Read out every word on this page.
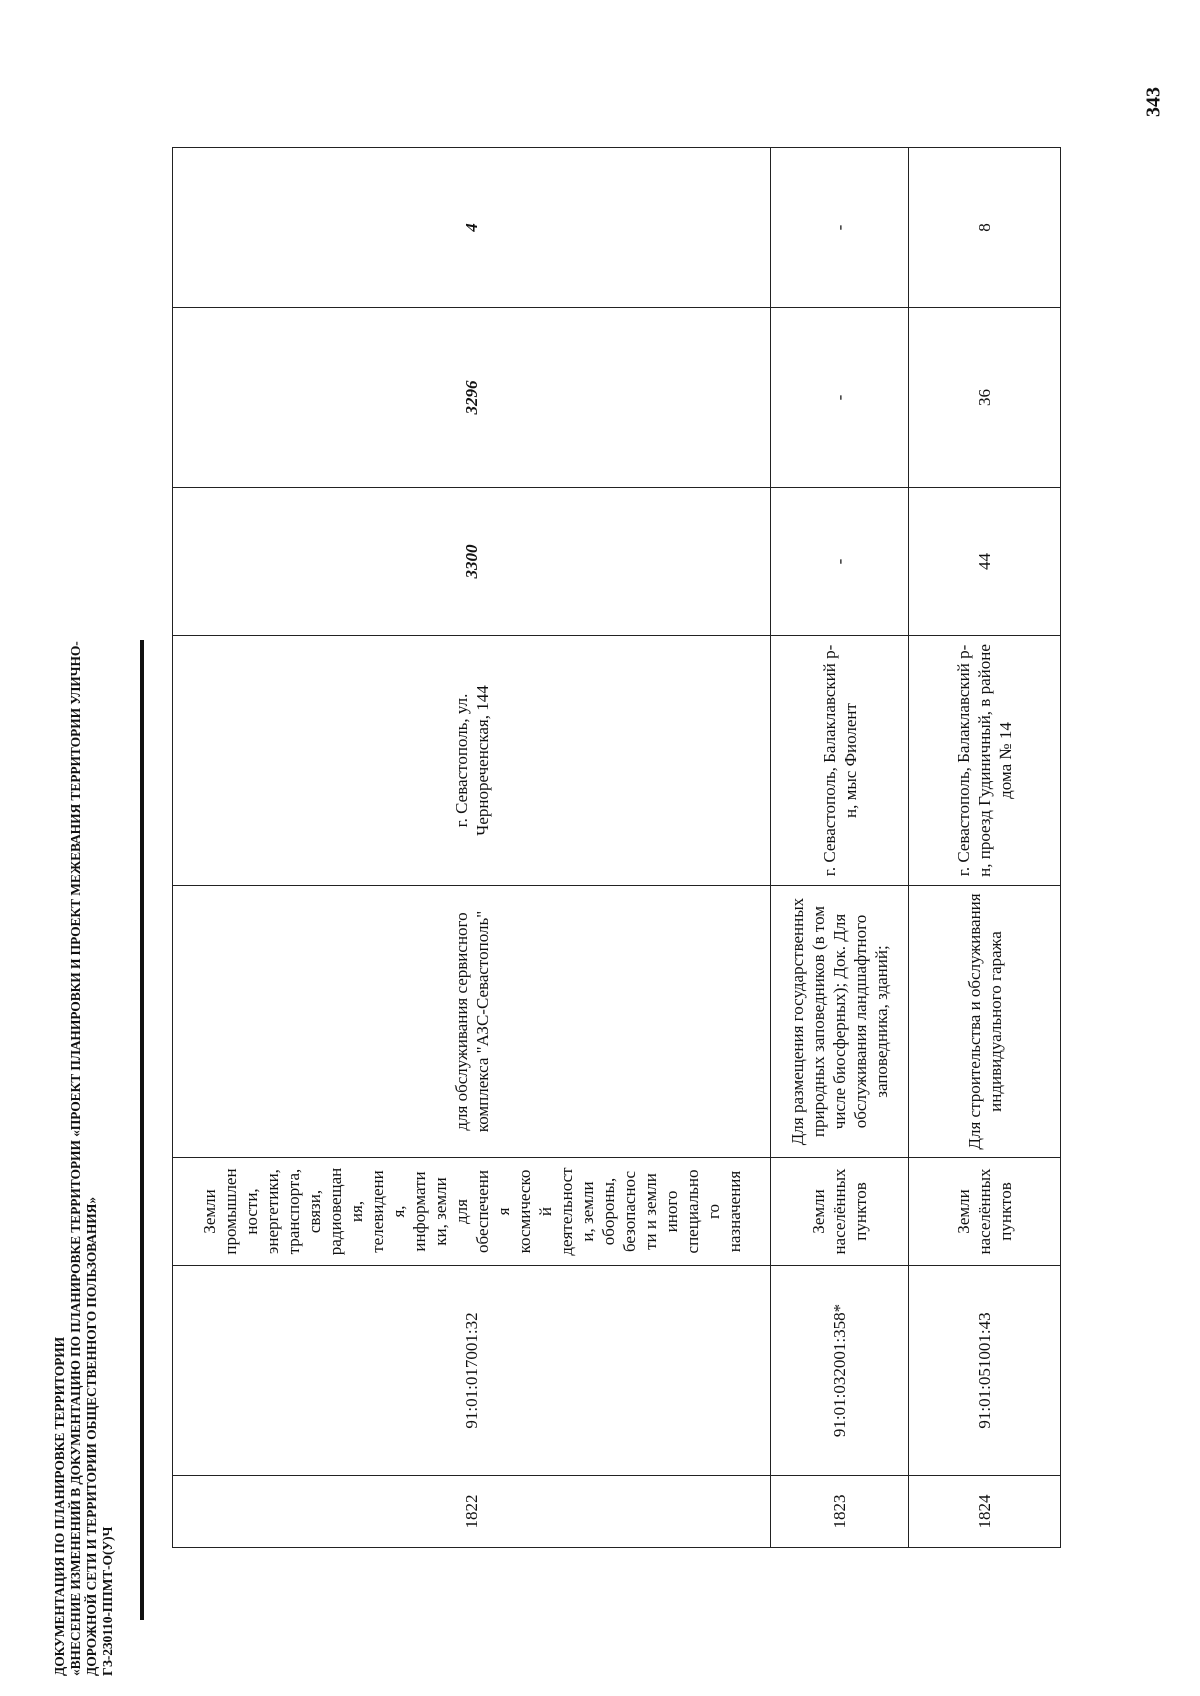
343
ДОКУМЕНТАЦИЯ ПО ПЛАНИРОВКЕ ТЕРРИТОРИИ «ВНЕСЕНИЕ ИЗМЕНЕНИЙ В ДОКУМЕНТАЦИЮ ПО ПЛАНИРОВКЕ ТЕРРИТОРИИ «ПРОЕКТ ПЛАНИРОВКИ И ПРОЕКТ МЕЖЕВАНИЯ ТЕРРИТОРИИ УЛИЧНО- ДОРОЖНОЙ СЕТИ И ТЕРРИТОРИИ ОБЩЕСТВЕННОГО ПОЛЬЗОВАНИЯ» ГЗ-230110-ППМТ-О(У)Ч
1822	91:01:017001:32	Земли промышлен ности, энергетики, транспорта, связи, радиовещан ия, телевидени я, информати ки, земли для обеспечени я космическо й деятельност и, земли обороны, безопаснос ти и земли иного специально го назначения	для обслуживания сервисного комплекса "АЗС-Севастополь"	г. Севастополь, ул. Чернореченская, 144	3300	3296	4
1823	91:01:032001:358*	Земли населённых пунктов	Для размещения государственных природных заповедников (в том числе биосферных); Док. Для обслуживания ландшафтного заповедника, зданий;	г. Севастополь, Балаклавский р-н, мыс Фиолент	-	-	-
1824	91:01:051001:43	Земли населённых пунктов	Для строительства и обслуживания индивидуального гаража	г. Севастополь, Балаклавский р-н, проезд Гудиничный, в районе дома № 14	44	36	8
